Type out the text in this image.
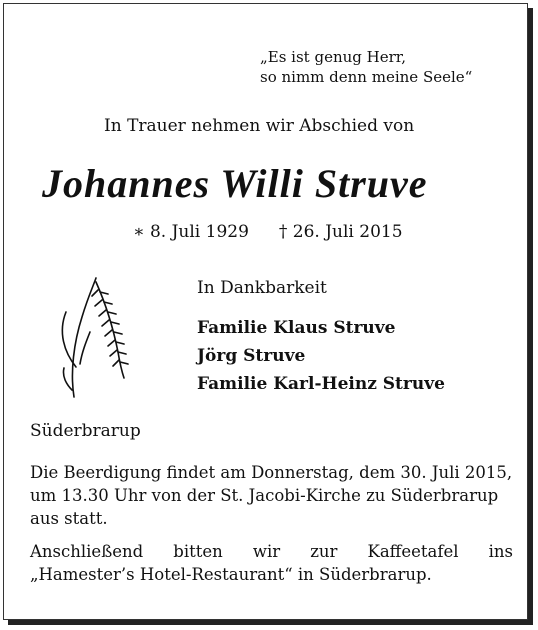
„Es ist genug Herr,
so nimm denn meine Seele“
In Trauer nehmen wir Abschied von
Johannes Willi Struve
∗ 8. Juli 1929 † 26. Juli 2015
In Dankbarkeit
Familie Klaus Struve
Jörg Struve
Familie Karl-Heinz Struve
Süderbrarup
Die Beerdigung findet am Donnerstag, dem 30. Juli 2015,
um 13.30 Uhr von der St. Jacobi-Kirche zu Süderbrarup
aus statt.
Anschließend bitten wir zur Kaffeetafel ins
„Hamester’s Hotel-Restaurant“ in Süderbrarup.
